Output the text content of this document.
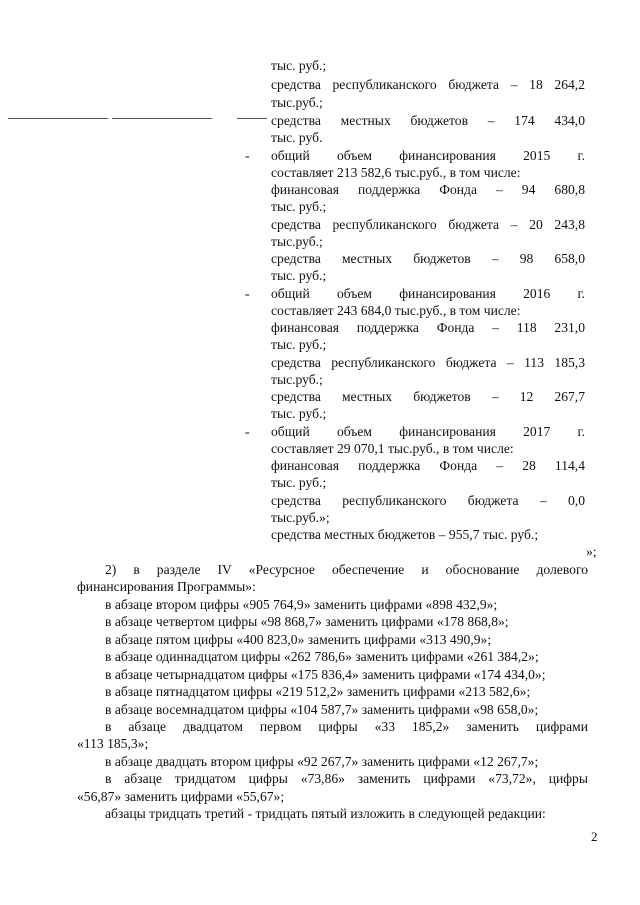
тыс. руб.;
средства республиканского бюджета – 18 264,2
тыс.руб.;
средства местных бюджетов – 174 434,0
тыс. руб.
- общий объем финансирования 2015 г.
составляет 213 582,6 тыс.руб., в том числе:
финансовая поддержка Фонда – 94 680,8
тыс. руб.;
средства республиканского бюджета – 20 243,8
тыс.руб.;
средства местных бюджетов – 98 658,0
тыс. руб.;
- общий объем финансирования 2016 г.
составляет 243 684,0 тыс.руб., в том числе:
финансовая поддержка Фонда – 118 231,0
тыс. руб.;
средства республиканского бюджета – 113 185,3
тыс.руб.;
средства местных бюджетов – 12 267,7
тыс. руб.;
- общий объем финансирования 2017 г.
составляет 29 070,1 тыс.руб., в том числе:
финансовая поддержка Фонда – 28 114,4
тыс. руб.;
средства республиканского бюджета – 0,0
тыс.руб.»;
средства местных бюджетов – 955,7 тыс. руб.;
»;
2) в разделе IV «Ресурсное обеспечение и обоснование долевого
финансирования Программы»:
в абзаце втором цифры «905 764,9» заменить цифрами «898 432,9»;
в абзаце четвертом цифры «98 868,7» заменить цифрами «178 868,8»;
в абзаце пятом цифры «400 823,0» заменить цифрами «313 490,9»;
в абзаце одиннадцатом цифры «262 786,6» заменить цифрами «261 384,2»;
в абзаце четырнадцатом цифры «175 836,4» заменить цифрами «174 434,0»;
в абзаце пятнадцатом цифры «219 512,2» заменить цифрами «213 582,6»;
в абзаце восемнадцатом цифры «104 587,7» заменить цифрами «98 658,0»;
в абзаце двадцатом первом цифры «33 185,2» заменить цифрами
«113 185,3»;
в абзаце двадцать втором цифры «92 267,7» заменить цифрами «12 267,7»;
в абзаце тридцатом цифры «73,86» заменить цифрами «73,72», цифры
«56,87» заменить цифрами «55,67»;
абзацы тридцать третий - тридцать пятый изложить в следующей редакции:
2
